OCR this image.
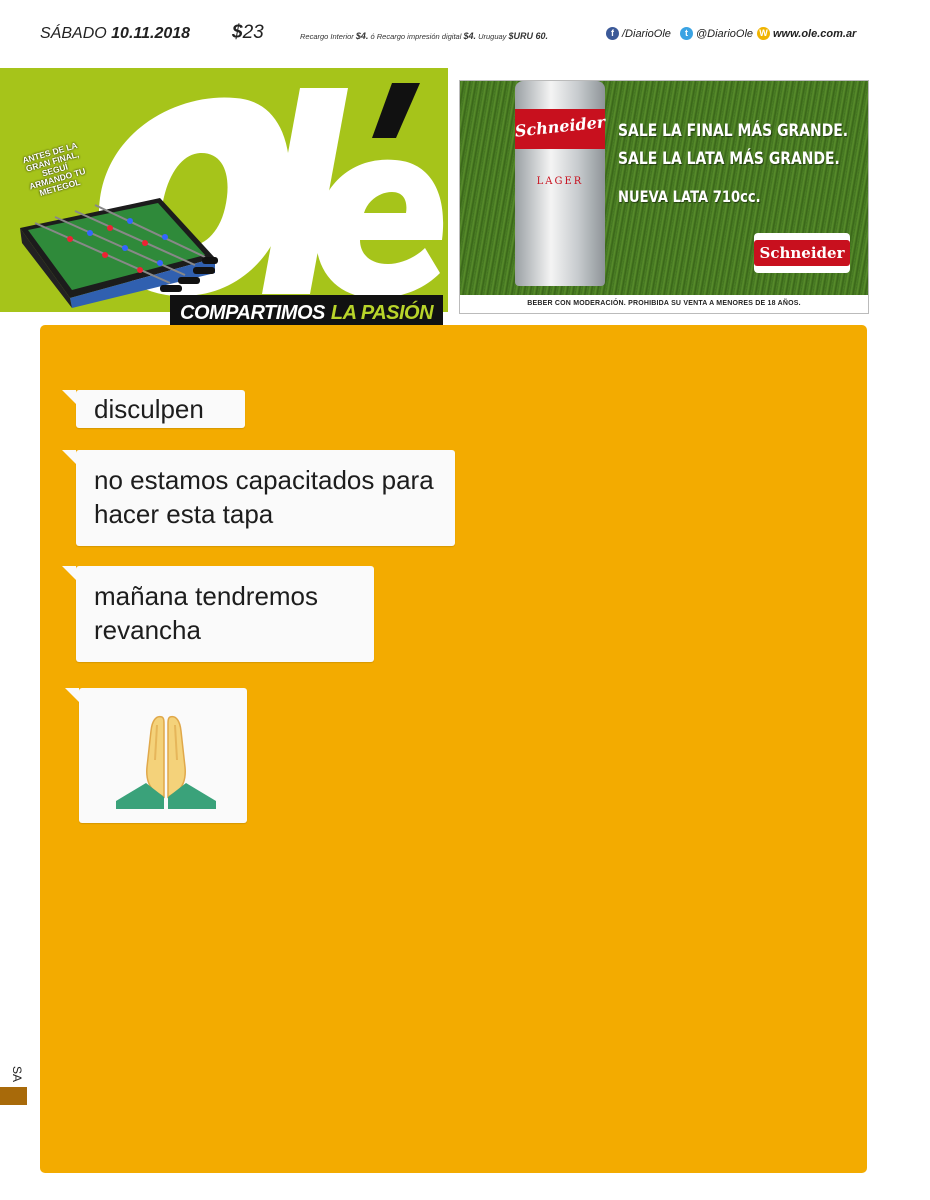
SÁBADO 10.11.2018 $23	Recargo Interior $4. ó Recargo impresión digital $4. Uruguay $URU 60.	f /DiarioOle	t @DiarioOle W www.ole.com.ar
ANTES DE LA GRAN FINAL, SEGUÍ ARMANDO TU METEGOL
COMPARTIMOS LA PASIÓN
Schneider
LAGER
SALE LA FINAL MÁS GRANDE.
SALE LA LATA MÁS GRANDE.
NUEVA LATA 710cc.
Schneider
BEBER CON MODERACIÓN. PROHIBIDA SU VENTA A MENORES DE 18 AÑOS.
disculpen
no estamos capacitados para hacer esta tapa
mañana tendremos revancha
SA
